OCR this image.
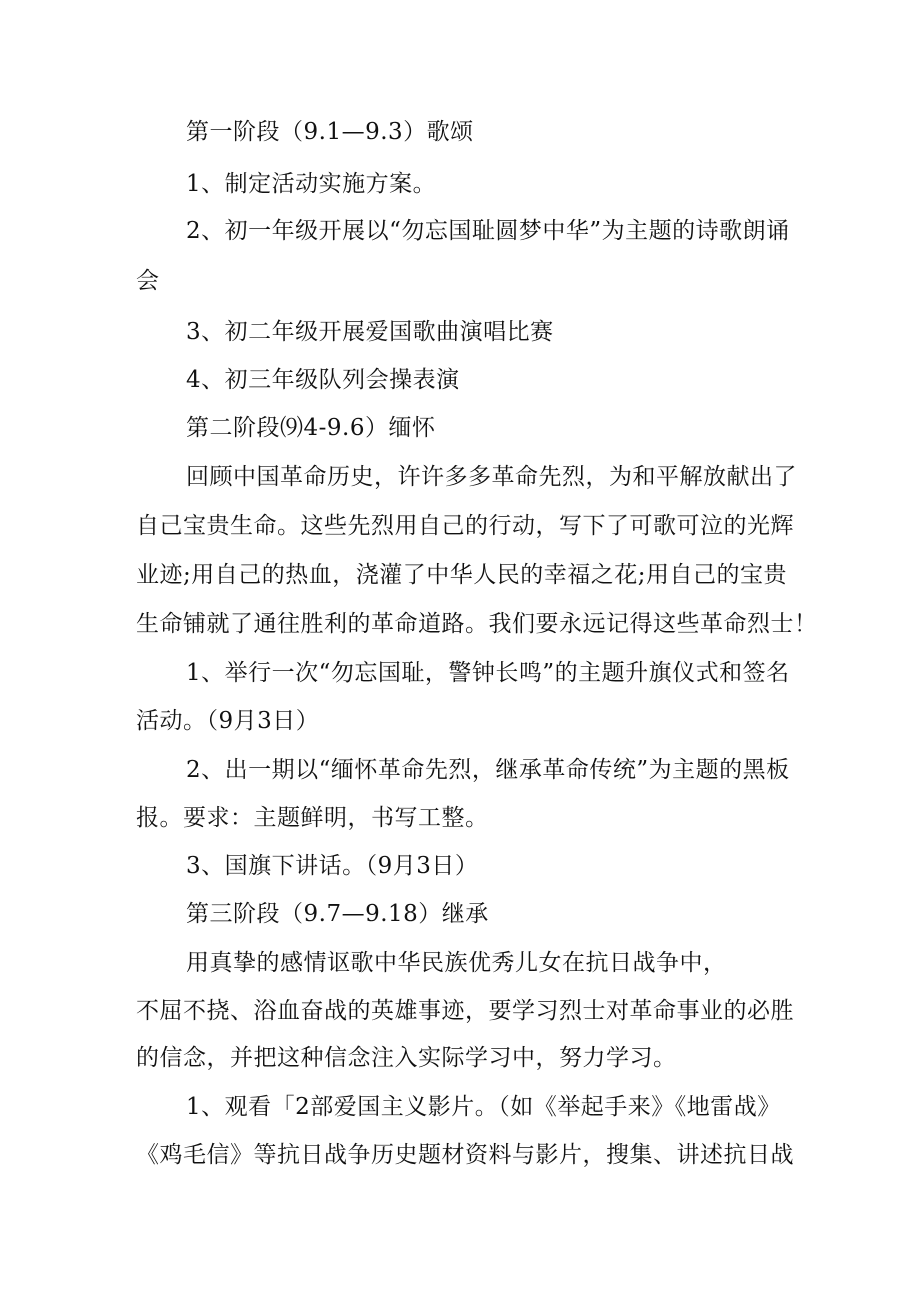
第一阶段（9.1—9.3）歌颂
1、制定活动实施方案。
2、初一年级开展以“勿忘国耻圆梦中华”为主题的诗歌朗诵
会
3、初二年级开展爱国歌曲演唱比赛
4、初三年级队列会操表演
第二阶段⑼4-9.6）缅怀
回顾中国革命历史，许许多多革命先烈，为和平解放献出了
自己宝贵生命。这些先烈用自己的行动，写下了可歌可泣的光辉
业迹;用自己的热血，浇灌了中华人民的幸福之花;用自己的宝贵
生命铺就了通往胜利的革命道路。我们要永远记得这些革命烈士！
1、举行一次“勿忘国耻，警钟长鸣”的主题升旗仪式和签名
活动。（9月3日）
2、出一期以“缅怀革命先烈，继承革命传统”为主题的黑板
报。要求：主题鲜明，书写工整。
3、国旗下讲话。（9月3日）
第三阶段（9.7—9.18）继承
用真挚的感情讴歌中华民族优秀儿女在抗日战争中，
不屈不挠、浴血奋战的英雄事迹，要学习烈士对革命事业的必胜
的信念，并把这种信念注入实际学习中，努力学习。
1、观看「2部爱国主义影片。（如《举起手来》《地雷战》
《鸡毛信》等抗日战争历史题材资料与影片，搜集、讲述抗日战
